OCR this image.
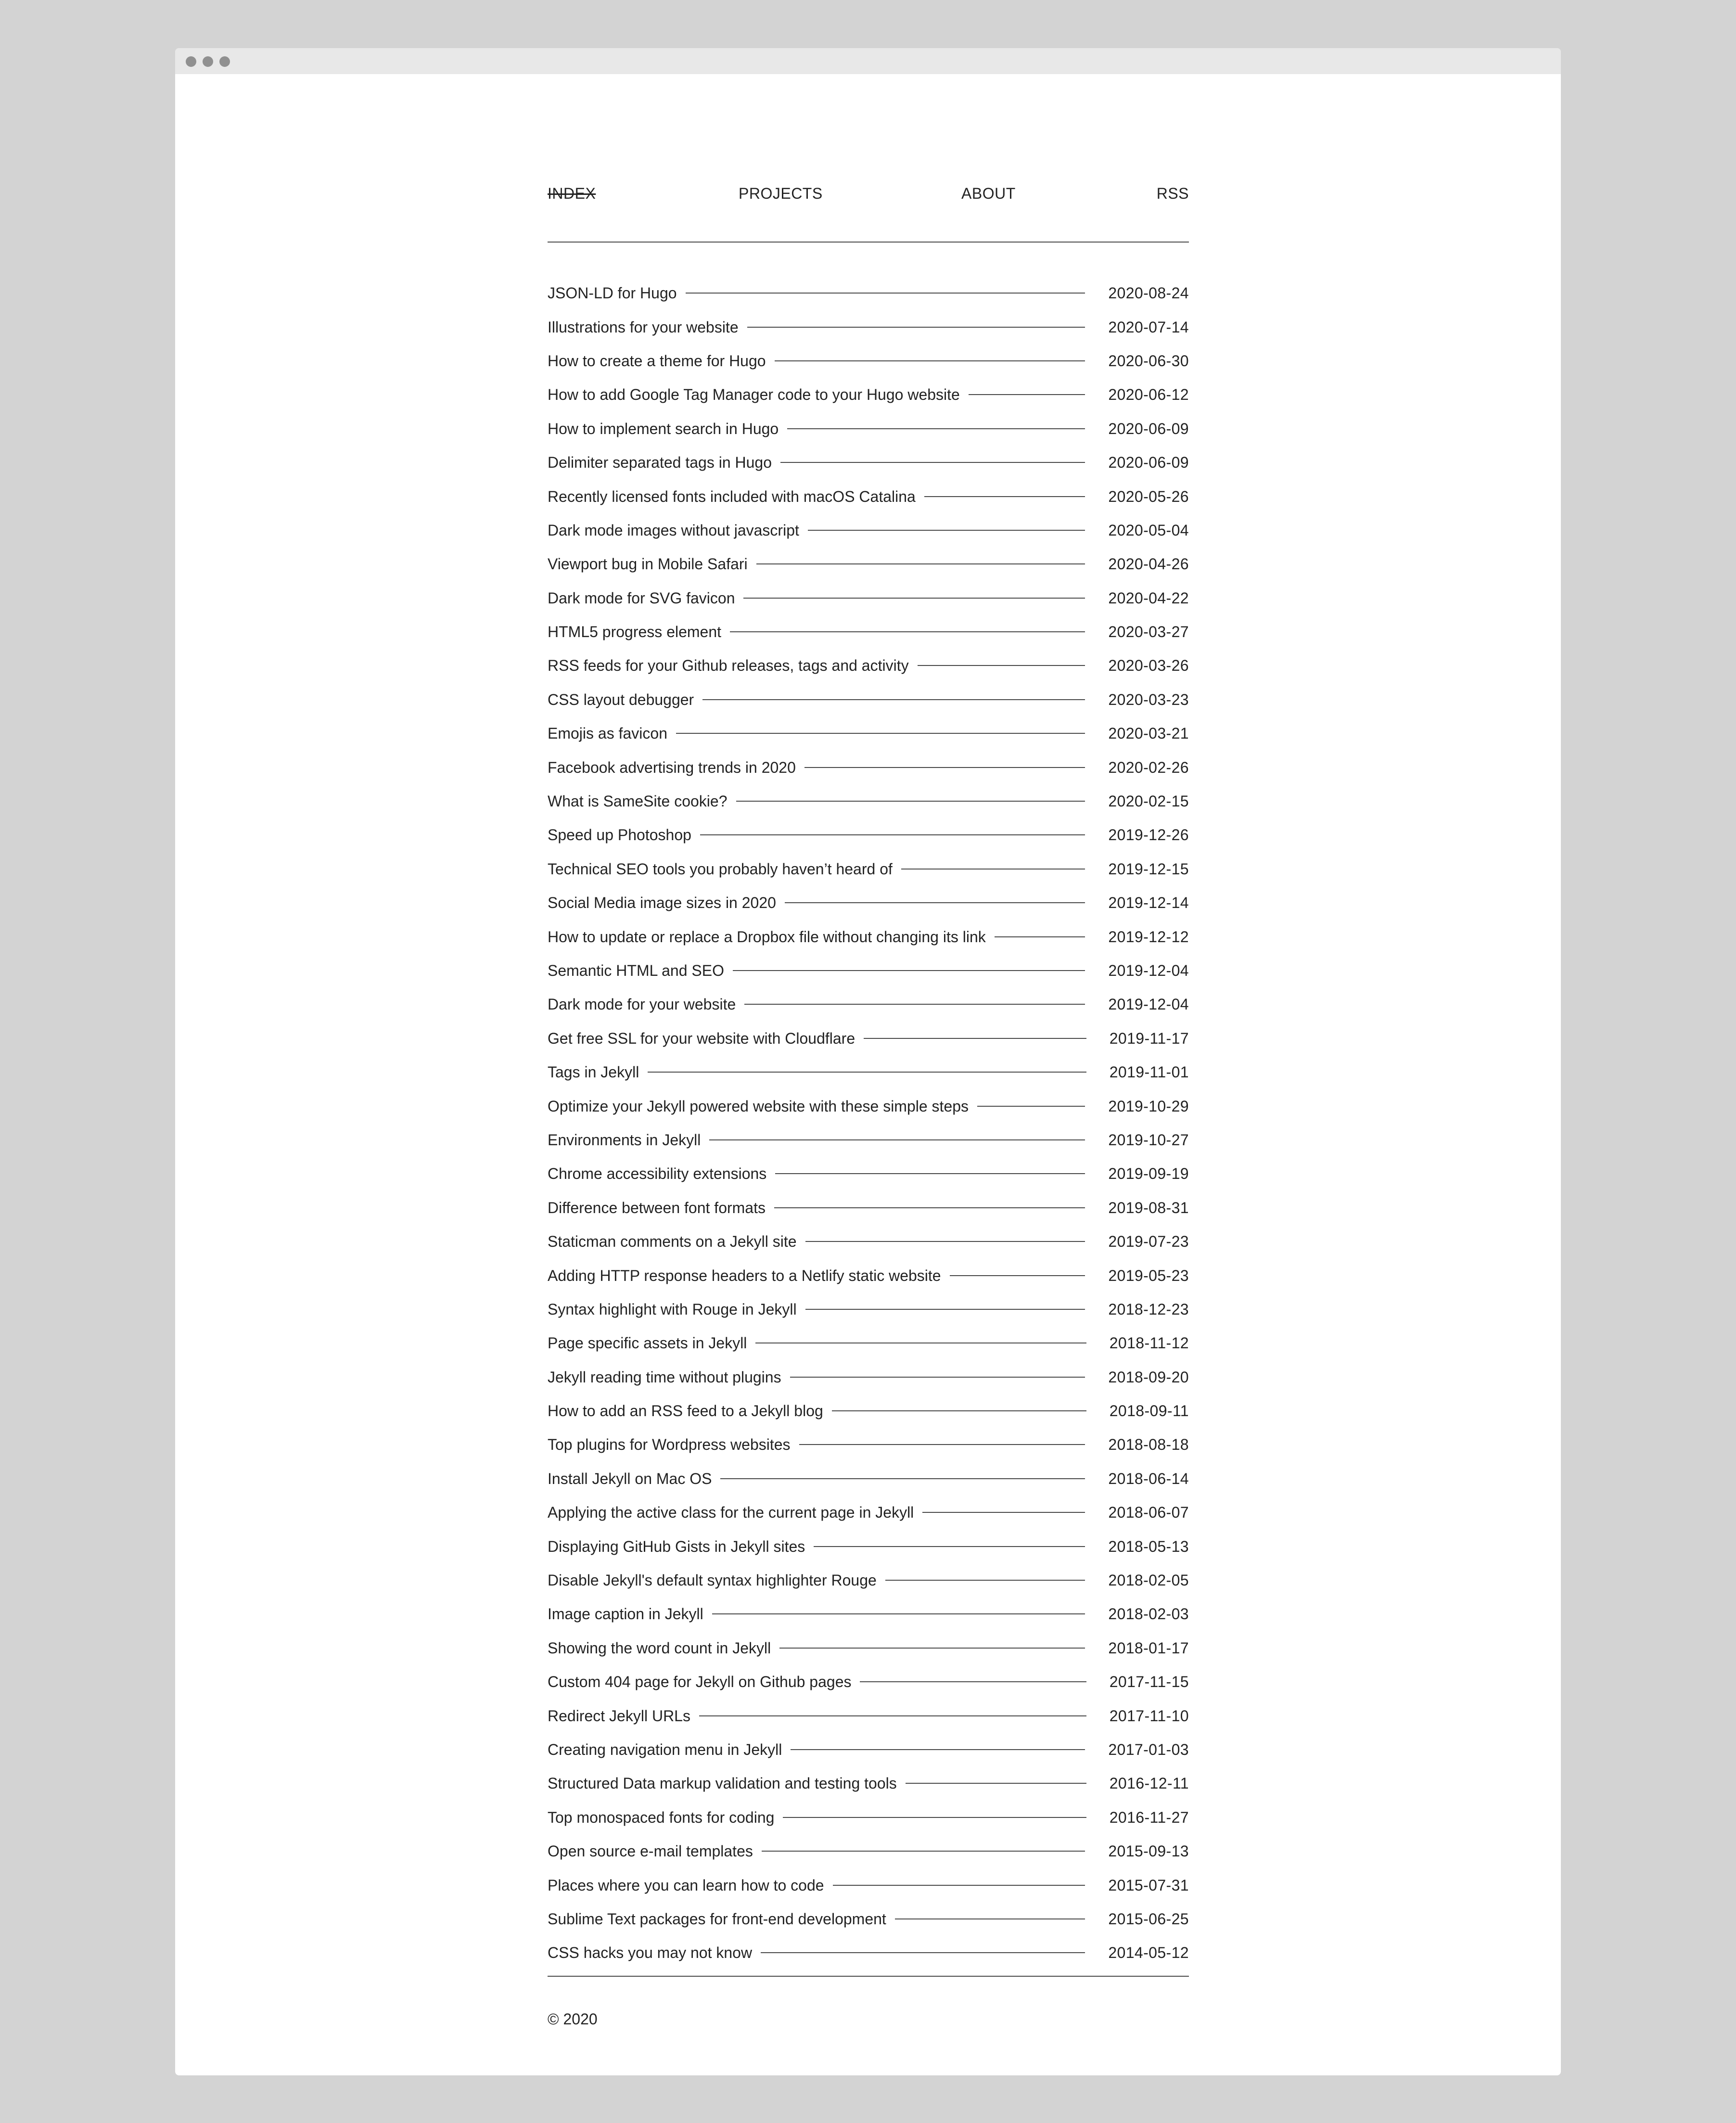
INDEX	PROJECTS	ABOUT	RSS
JSON-LD for Hugo	2020-08-24
Illustrations for your website	2020-07-14
How to create a theme for Hugo	2020-06-30
How to add Google Tag Manager code to your Hugo website	2020-06-12
How to implement search in Hugo	2020-06-09
Delimiter separated tags in Hugo	2020-06-09
Recently licensed fonts included with macOS Catalina	2020-05-26
Dark mode images without javascript	2020-05-04
Viewport bug in Mobile Safari	2020-04-26
Dark mode for SVG favicon	2020-04-22
HTML5 progress element	2020-03-27
RSS feeds for your Github releases, tags and activity	2020-03-26
CSS layout debugger	2020-03-23
Emojis as favicon	2020-03-21
Facebook advertising trends in 2020	2020-02-26
What is SameSite cookie?	2020-02-15
Speed up Photoshop	2019-12-26
Technical SEO tools you probably haven’t heard of	2019-12-15
Social Media image sizes in 2020	2019-12-14
How to update or replace a Dropbox file without changing its link	2019-12-12
Semantic HTML and SEO	2019-12-04
Dark mode for your website	2019-12-04
Get free SSL for your website with Cloudflare	2019-11-17
Tags in Jekyll	2019-11-01
Optimize your Jekyll powered website with these simple steps	2019-10-29
Environments in Jekyll	2019-10-27
Chrome accessibility extensions	2019-09-19
Difference between font formats	2019-08-31
Staticman comments on a Jekyll site	2019-07-23
Adding HTTP response headers to a Netlify static website	2019-05-23
Syntax highlight with Rouge in Jekyll	2018-12-23
Page specific assets in Jekyll	2018-11-12
Jekyll reading time without plugins	2018-09-20
How to add an RSS feed to a Jekyll blog	2018-09-11
Top plugins for Wordpress websites	2018-08-18
Install Jekyll on Mac OS	2018-06-14
Applying the active class for the current page in Jekyll	2018-06-07
Displaying GitHub Gists in Jekyll sites	2018-05-13
Disable Jekyll's default syntax highlighter Rouge	2018-02-05
Image caption in Jekyll	2018-02-03
Showing the word count in Jekyll	2018-01-17
Custom 404 page for Jekyll on Github pages	2017-11-15
Redirect Jekyll URLs	2017-11-10
Creating navigation menu in Jekyll	2017-01-03
Structured Data markup validation and testing tools	2016-12-11
Top monospaced fonts for coding	2016-11-27
Open source e-mail templates	2015-09-13
Places where you can learn how to code	2015-07-31
Sublime Text packages for front-end development	2015-06-25
CSS hacks you may not know	2014-05-12
© 2020
